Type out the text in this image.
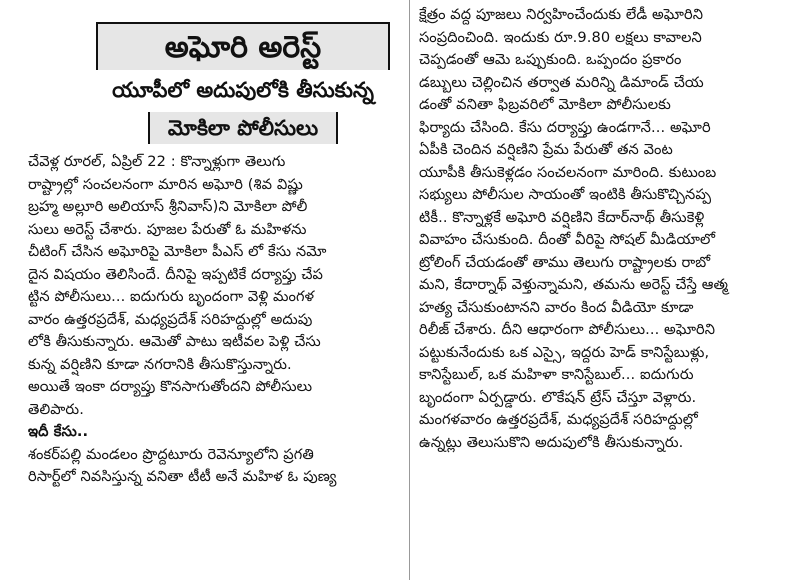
అఘోరి అరెస్ట్
యూపీలో అదుపులోకి తీసుకున్న
మోకిలా పోలీసులు
చేవెళ్ల రూరల్, ఏప్రిల్ 22 : కొన్నాళ్లుగా తెలుగు
రాష్ట్రాల్లో సంచలనంగా మారిన అఘోరి (శివ విష్ణు
బ్రహ్మ అల్లూరి అలియాస్ శ్రీనివాస్)ని మోకిలా పోలీ
సులు అరెస్ట్ చేశారు. పూజల పేరుతో ఓ మహిళను
చీటింగ్ చేసిన అఘోరిపై మోకిలా పీఎస్ లో కేసు నమో
దైన విషయం తెలిసిందే. దీనిపై ఇప్పటికే దర్యాప్తు చేప
ట్టిన పోలీసులు... ఐదుగురు బృందంగా వెళ్లి మంగళ
వారం ఉత్తరప్రదేశ్, మధ్యప్రదేశ్ సరిహద్దుల్లో అదుపు
లోకి తీసుకున్నారు. ఆమెతో పాటు ఇటీవల పెళ్లి చేసు
కున్న వర్షిణిని కూడా నగరానికి తీసుకొస్తున్నారు.
అయితే ఇంకా దర్యాప్తు కొనసాగుతోందని పోలీసులు
తెలిపారు.
ఇదీ కేసు..
శంకర్‌పల్లి మండలం ప్రొద్దటూరు రెవెన్యూలోని ప్రగతి
రిసార్ట్‌లో నివసిస్తున్న వనితా టీటీ అనే మహిళ ఓ పుణ్య
క్షేత్రం వద్ద పూజలు నిర్వహించేందుకు లేడీ అఘోరిని
సంప్రదించింది. ఇందుకు రూ.9.80 లక్షలు కావాలని
చెప్పడంతో ఆమె ఒప్పుకుంది. ఒప్పందం ప్రకారం
డబ్బులు చెల్లించిన తర్వాత మరిన్ని డిమాండ్ చేయ
డంతో వనితా ఫిబ్రవరిలో మోకిలా పోలీసులకు
ఫిర్యాదు చేసింది. కేసు దర్యాప్తు ఉండగానే... అఘోరి
ఏపీకి చెందిన వర్షిణిని ప్రేమ పేరుతో తన వెంట
యూపీకి తీసుకెళ్లడం సంచలనంగా మారింది. కుటుంబ
సభ్యులు పోలీసుల సాయంతో ఇంటికి తీసుకొచ్చినప్ప
టికీ.. కొన్నాళ్లకే అఘోరి వర్షిణిని కేదార్‌నాథ్ తీసుకెళ్లి
వివాహం చేసుకుంది. దీంతో వీరిపై సోషల్ మీడియాలో
ట్రోలింగ్ చేయడంతో తాము తెలుగు రాష్ట్రాలకు రాబో
మని, కేదార్నాథ్ వెళ్తున్నామని, తమను అరెస్ట్ చేస్తే ఆత్మ
హత్య చేసుకుంటానని వారం కింద వీడియో కూడా
రిలీజ్ చేశారు. దీని ఆధారంగా పోలీసులు... అఘోరిని
పట్టుకునేందుకు ఒక ఎస్సై, ఇద్దరు హెడ్ కానిస్టేబుళ్లు,
కానిస్టేబుల్, ఒక మహిళా కానిస్టేబుల్... ఐదుగురు
బృందంగా ఏర్పడ్డారు. లొకేషన్ ట్రేస్ చేస్తూ వెళ్లారు.
మంగళవారం ఉత్తరప్రదేశ్, మధ్యప్రదేశ్ సరిహద్దుల్లో
ఉన్నట్లు తెలుసుకొని అదుపులోకి తీసుకున్నారు.
